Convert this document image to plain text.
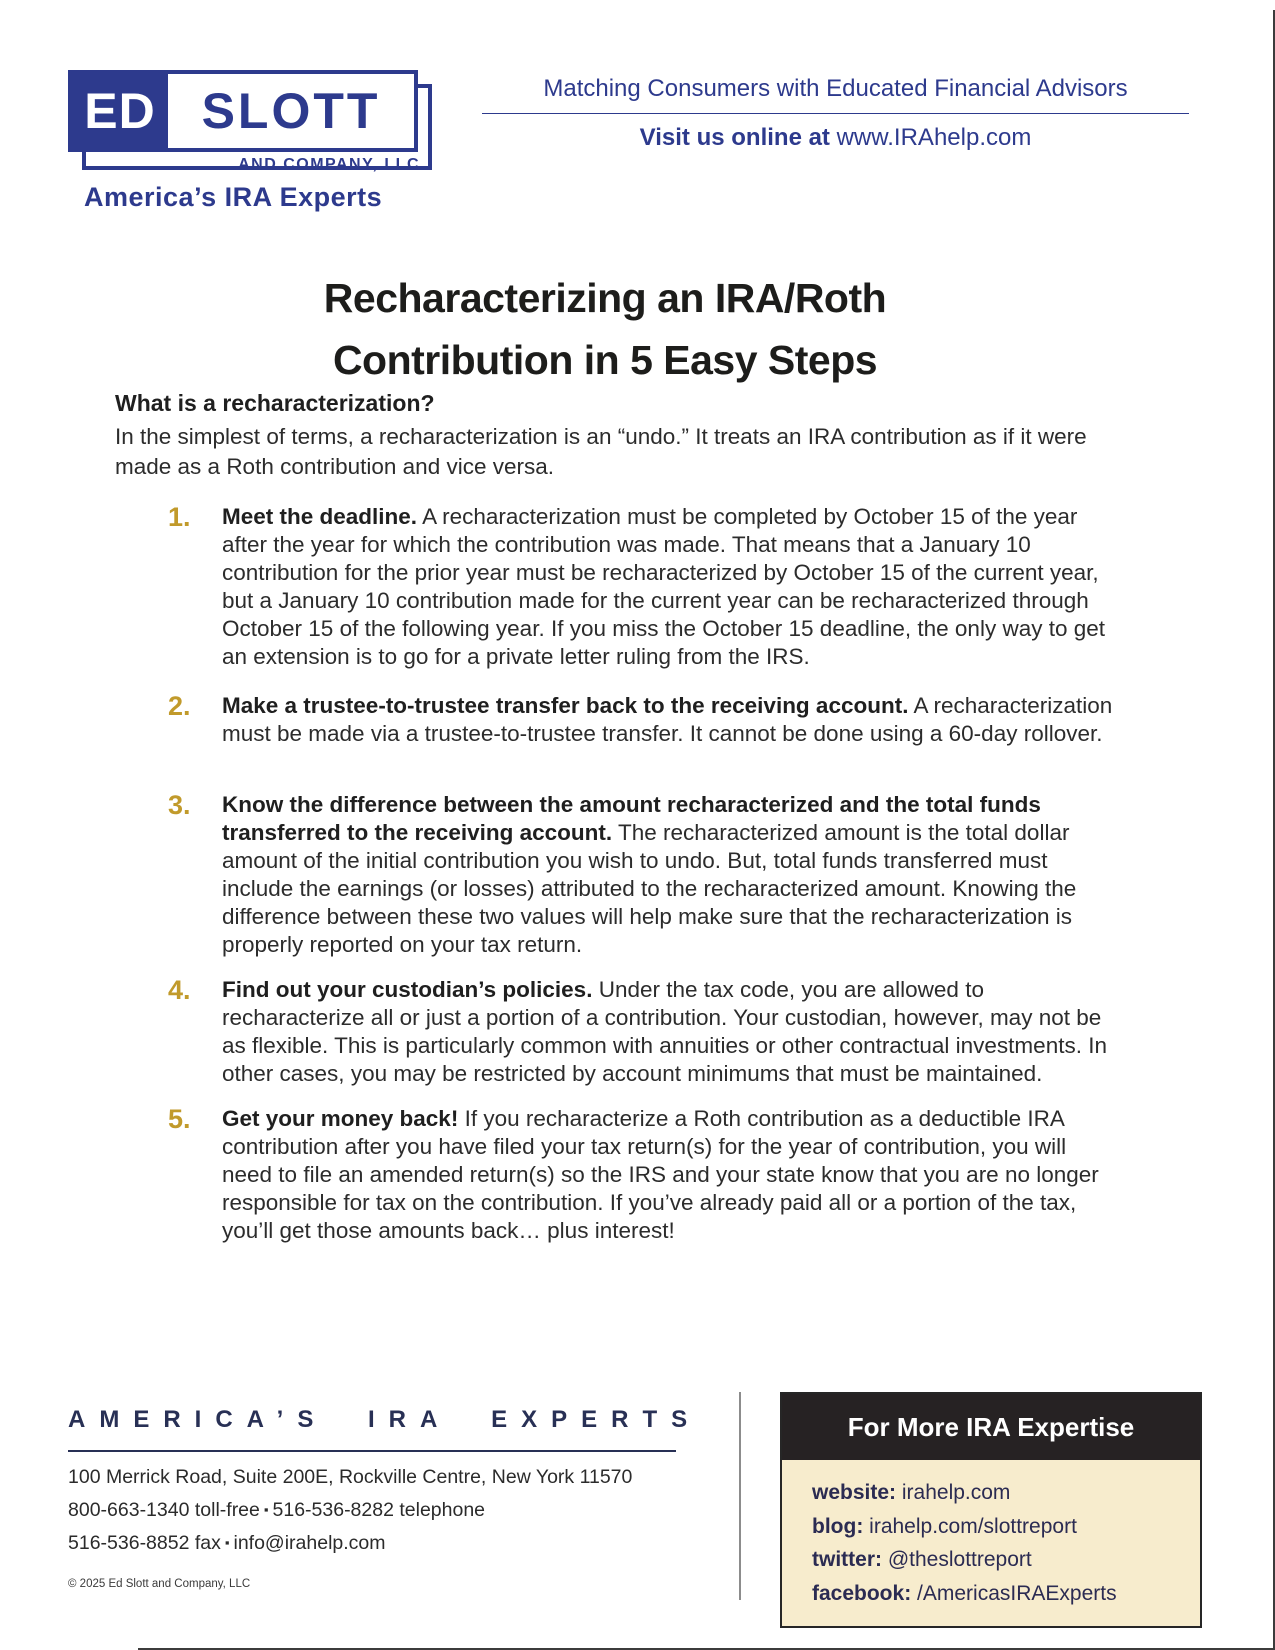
ED SLOTT
AND COMPANY, LLC
America’s IRA Experts
Matching Consumers with Educated Financial Advisors
Visit us online at www.IRAhelp.com
Recharacterizing an IRA/Roth
Contribution in 5 Easy Steps
What is a recharacterization?

In the simplest of terms, a recharacterization is an “undo.” It treats an IRA contribution as if it were made as a Roth contribution and vice versa.

1.	Meet the deadline. A recharacterization must be completed by October 15 of the year after the year for which the contribution was made. That means that a January 10 contribution for the prior year must be recharacterized by October 15 of the current year, but a January 10 contribution made for the current year can be recharacterized through October 15 of the following year. If you miss the October 15 deadline, the only way to get an extension is to go for a private letter ruling from the IRS.
2.	Make a trustee-to-trustee transfer back to the receiving account. A recharacterization must be made via a trustee-to-trustee transfer. It cannot be done using a 60-day rollover.
3.	Know the difference between the amount recharacterized and the total funds transferred to the receiving account. The recharacterized amount is the total dollar amount of the initial contribution you wish to undo. But, total funds transferred must include the earnings (or losses) attributed to the recharacterized amount. Knowing the difference between these two values will help make sure that the recharacterization is properly reported on your tax return.
4.	Find out your custodian’s policies. Under the tax code, you are allowed to recharacterize all or just a portion of a contribution. Your custodian, however, may not be as flexible. This is particularly common with annuities or other contractual investments. In other cases, you may be restricted by account minimums that must be maintained.
5.	Get your money back! If you recharacterize a Roth contribution as a deductible IRA contribution after you have filed your tax return(s) for the year of contribution, you will need to file an amended return(s) so the IRS and your state know that you are no longer responsible for tax on the contribution. If you’ve already paid all or a portion of the tax, you’ll get those amounts back… plus interest!
AMERICA’S IRA EXPERTS
100 Merrick Road, Suite 200E, Rockville Centre, New York 11570
800-663-1340 toll-free ▪ 516-536-8282 telephone
516-536-8852 fax ▪ info@irahelp.com
© 2025 Ed Slott and Company, LLC
For More IRA Expertise
website: irahelp.com
blog: irahelp.com/slottreport
twitter: @theslottreport
facebook: /AmericasIRAExperts
